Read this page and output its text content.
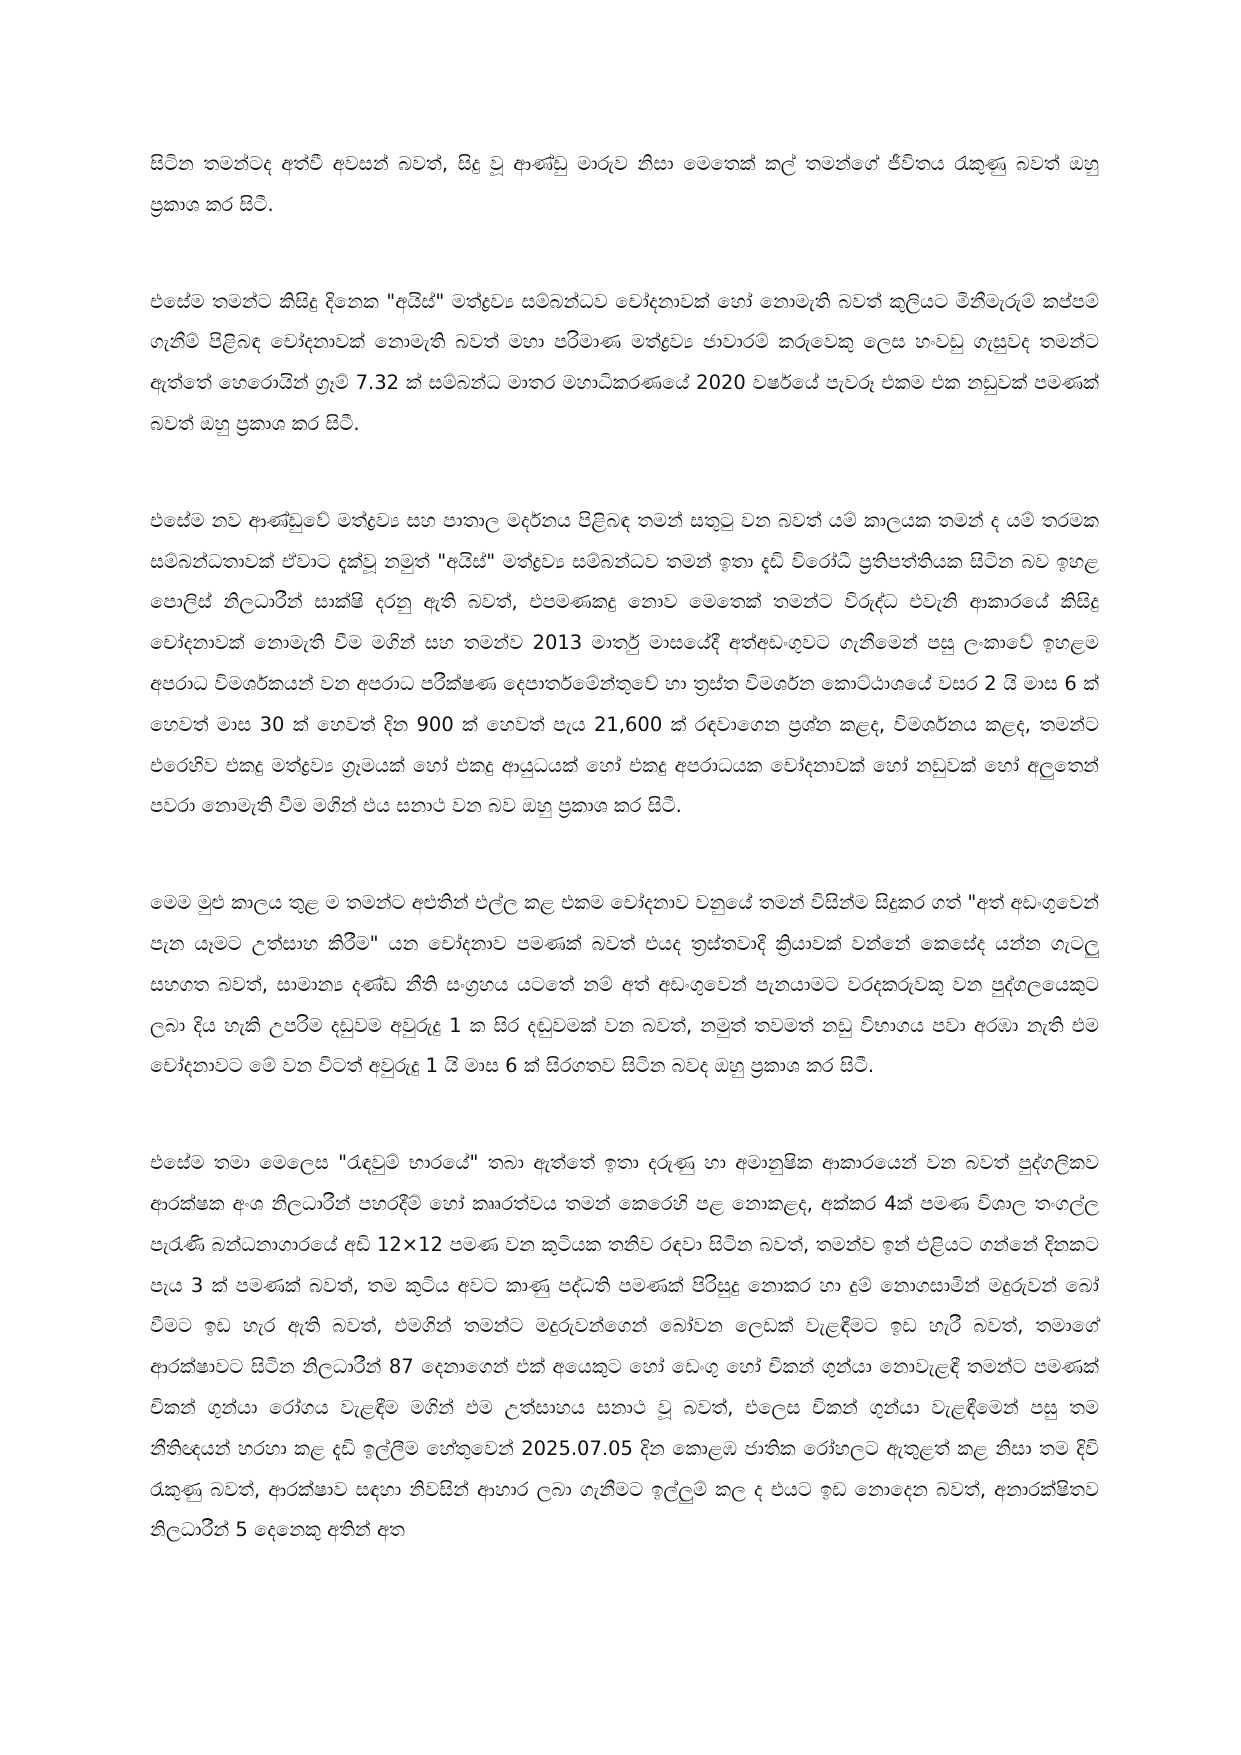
සිටින තමන්ටද අත්වී අවසන් බවත්, සිදු වූ ආණ්ඩු මාරුව නිසා මෙතෙක් කල් තමන්ගේ ජීවිතය රැකුණු බවත් ඔහු ප්‍රකාශ කර සිටී.

එසේම තමන්ට කිසිදු දිනෙක "අයිස්" මත්ද්‍රව්‍ය සම්බන්ධව චෝදනාවක් හෝ නොමැති බවත් කුලියට මිනීමැරුම් කප්පම් ගැනීම් පිළිබඳ චෝදනාවක් නොමැති බවත් මහා පරිමාණ මත්ද්‍රව්‍ය ජාවාරම් කරුවෙකු ලෙස හංවඩු ගැසුවද තමන්ට ඇත්තේ හෙරොයින් ග්‍රෑම් 7.32 ක් සම්බන්ධ මාතර මහාධිකරණයේ 2020 වර්ෂයේ පැවරූ එකම එක නඩුවක් පමණක් බවත් ඔහු ප්‍රකාශ කර සිටී.

එසේම නව ආණ්ඩුවේ මත්ද්‍රව්‍ය සහ පාතාල මර්දනය පිළිබඳ තමන් සතුටු වන බවත් යම් කාලයක තමන් ද යම් තරමක සම්බන්ධතාවක් ඒවාට දැක්වූ නමුත් "අයිස්" මත්ද්‍රව්‍ය සම්බන්ධව තමන් ඉතා දැඩි විරෝධී ප්‍රතිපත්තියක සිටින බව ඉහළ පොලිස් නිලධාරීන් සාක්ෂි දරනු ඇති බවත්, එපමණකදු නොව මෙතෙක් තමන්ට විරුද්ධ එවැනි ආකාරයේ කිසිදු චෝදනාවක් නොමැති වීම මගින් සහ තමන්ව 2013 මාර්තු මාසයේදී අත්අඩංගුවට ගැනීමෙන් පසු ලංකාවේ ඉහළම අපරාධ විමර්ශකයන් වන අපරාධ පරීක්ෂණ දෙපාර්තමේන්තුවේ හා ත්‍රස්ත විමර්ශන කොට්ඨාශයේ වසර 2 යි මාස 6 ක් හෙවත් මාස 30 ක් හෙවත් දින 900 ක් හෙවත් පැය 21,600 ක් රඳවාගෙන ප්‍රශ්න කළද, විමර්ශනය කළද, තමන්ට එරෙහිව එකදු මත්ද්‍රව්‍ය ග්‍රෑමයක් හෝ එකදු ආයුධයක් හෝ එකදු අපරාධයක චෝදනාවක් හෝ නඩුවක් හෝ අලුතෙන් පවරා නොමැති වීම මගින් එය සනාථ වන බව ඔහු ප්‍රකාශ කර සිටී.

මෙම මුළු කාලය තුළ ම තමන්ට අළුතින් එල්ල කළ එකම චෝදනාව වනුයේ තමන් විසින්ම සිදුකර ගත් "අත් අඩංගුවෙන් පැන යෑමට උත්සාහ කිරීම" යන චෝදනාව පමණක් බවත් එයද ත්‍රස්තවාදී ක්‍රියාවක් වන්නේ කෙසේද යන්න ගැටලු සහගත බවත්, සාමාන්‍ය දණ්ඩ නීති සංග්‍රහය යටතේ නම් අත් අඩංගුවෙන් පැනයාමට වරදකරුවකු වන පුද්ගලයෙකුට ලබා දිය හැකි උපරිම දඩුවම අවුරුදු 1 ක සිර දඬුවමක් වන බවත්, නමුත් තවමත් නඩු විභාගය පවා අරඹා නැති එම චෝදනාවට මේ වන විටත් අවුරුදු 1 යි මාස 6 ක් සිරගතව සිටින බවද ඔහු ප්‍රකාශ කර සිටී.

එසේම තමා මෙලෙස "රැඳවුම් භාරයේ" තබා ඇත්තේ ඉතා දරුණු හා අමානුෂික ආකාරයෙන් වන බවත් පුද්ගලිකව ආරක්ෂක අංශ නිලධාරීන් පහරදීම් හෝ කෲරත්වය තමන් කෙරෙහි පළ නොකළද, අක්කර 4ක් පමණ විශාල තංගල්ල පැරැණි බන්ධනාගාරයේ අඩි 12×12 පමණ වන කුටියක තනිව රඳවා සිටින බවත්, තමන්ව ඉන් එළියට ගන්නේ දිනකට පැය 3 ක් පමණක් බවත්, තම කුටිය අවට කාණු පද්ධති පමණක් පිරිසුදු නොකර හා දුම් නොගසාමින් මදුරුවන් බෝ වීමට ඉඩ හැර ඇති බවත්, එමගින් තමන්ට මදුරුවන්ගෙන් බෝවන ලෙඩක් වැළඳීමට ඉඩ හැරී බවත්, තමාගේ ආරක්ෂාවට සිටින නිලධාරීන් 87 දෙනාගෙන් එක් අයෙකුට හෝ ඩෙංගු හෝ චිකන් ගුන්යා නොවැළඳී තමන්ට පමණක් චිකන් ගුන්යා රෝගය වැළඳීම මගින් එම උත්සාහය සනාථ වූ බවත්, එලෙස චිකන් ගුන්යා වැළඳීමෙන් පසු තම නීතිඥයන් හරහා කළ දැඩි ඉල්ලීම හේතුවෙන් 2025.07.05 දින කොළඹ ජාතික රෝහලට ඇතුළත් කළ නිසා තම දිවි රැකුණු බවත්, ආරක්ෂාව සඳහා නිවසින් ආහාර ලබා ගැනීමට ඉල්ලුම් කල ද එයට ඉඩ නොදෙන බවත්, අනාරක්ෂිතව නිලධාරීන් 5 දෙනෙකු අතින් අත
